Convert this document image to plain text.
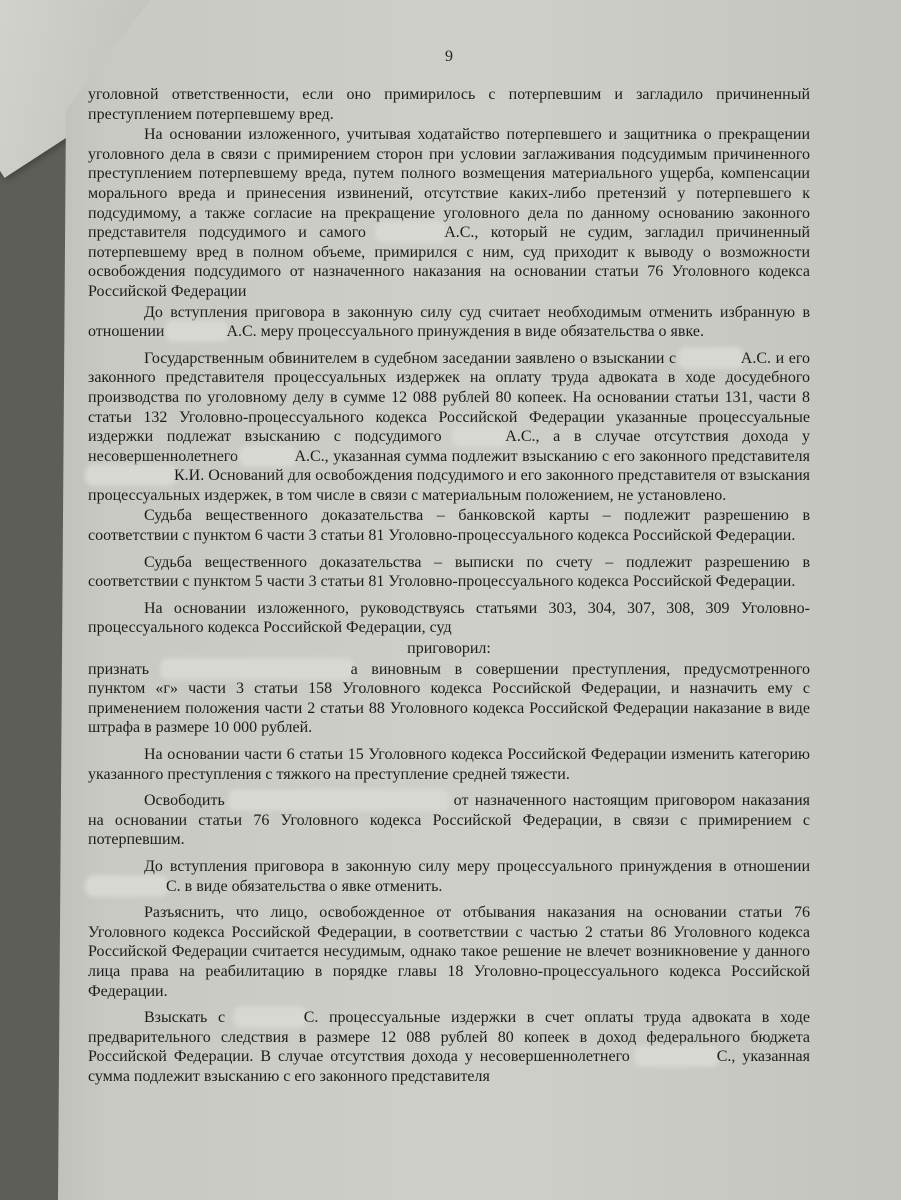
9

уголовной ответственности, если оно примирилось с потерпевшим и загладило причиненный преступлением потерпевшему вред.

На основании изложенного, учитывая ходатайство потерпевшего и защитника о прекращении уголовного дела в связи с примирением сторон при условии заглаживания подсудимым причиненного преступлением потерпевшему вреда, путем полного возмещения материального ущерба, компенсации морального вреда и принесения извинений, отсутствие каких-либо претензий у потерпевшего к подсудимому, а также согласие на прекращение уголовного дела по данному основанию законного представителя подсудимого и самого	А.С., который не судим, загладил причиненный потерпевшему вред в полном объеме, примирился с ним, суд приходит к выводу о возможности освобождения подсудимого от назначенного наказания на основании статьи 76 Уголовного кодекса Российской Федерации

До вступления приговора в законную силу суд считает необходимым отменить избранную в отношении	А.С. меру процессуального принуждения в виде обязательства о явке.

Государственным обвинителем в судебном заседании заявлено о взыскании с	А.С. и его законного представителя процессуальных издержек на оплату труда адвоката в ходе досудебного производства по уголовному делу в сумме 12 088 рублей 80 копеек. На основании статьи 131, части 8 статьи 132 Уголовно-процессуального кодекса Российской Федерации указанные процессуальные издержки подлежат взысканию с подсудимого	А.С., а в случае отсутствия дохода у несовершеннолетнего	А.С., указанная сумма подлежит взысканию с его законного представителя К.И. Оснований для освобождения подсудимого и его законного представителя от взыскания процессуальных издержек, в том числе в связи с материальным положением, не установлено.

Судьба вещественного доказательства – банковской карты – подлежит разрешению в соответствии с пунктом 6 части 3 статьи 81 Уголовно-процессуального кодекса Российской Федерации.

Судьба вещественного доказательства – выписки по счету – подлежит разрешению в соответствии с пунктом 5 части 3 статьи 81 Уголовно-процессуального кодекса Российской Федерации.

На основании изложенного, руководствуясь статьями 303, 304, 307, 308, 309 Уголовно-процессуального кодекса Российской Федерации, суд

приговорил:

признать	а виновным в совершении преступления, предусмотренного пунктом «г» части 3 статьи 158 Уголовного кодекса Российской Федерации, и назначить ему с применением положения части 2 статьи 88 Уголовного кодекса Российской Федерации наказание в виде штрафа в размере 10 000 рублей.

На основании части 6 статьи 15 Уголовного кодекса Российской Федерации изменить категорию указанного преступления с тяжкого на преступление средней тяжести.

Освободить	от назначенного настоящим приговором наказания на основании статьи 76 Уголовного кодекса Российской Федерации, в связи с примирением с потерпевшим.

До вступления приговора в законную силу меру процессуального принуждения в отношении С. в виде обязательства о явке отменить.

Разъяснить, что лицо, освобожденное от отбывания наказания на основании статьи 76 Уголовного кодекса Российской Федерации, в соответствии с частью 2 статьи 86 Уголовного кодекса Российской Федерации считается несудимым, однако такое решение не влечет возникновение у данного лица права на реабилитацию в порядке главы 18 Уголовно-процессуального кодекса Российской Федерации.

Взыскать с	С. процессуальные издержки в счет оплаты труда адвоката в ходе предварительного следствия в размере 12 088 рублей 80 копеек в доход федерального бюджета Российской Федерации. В случае отсутствия дохода у несовершеннолетнего	С., указанная сумма подлежит взысканию с его законного представителя
